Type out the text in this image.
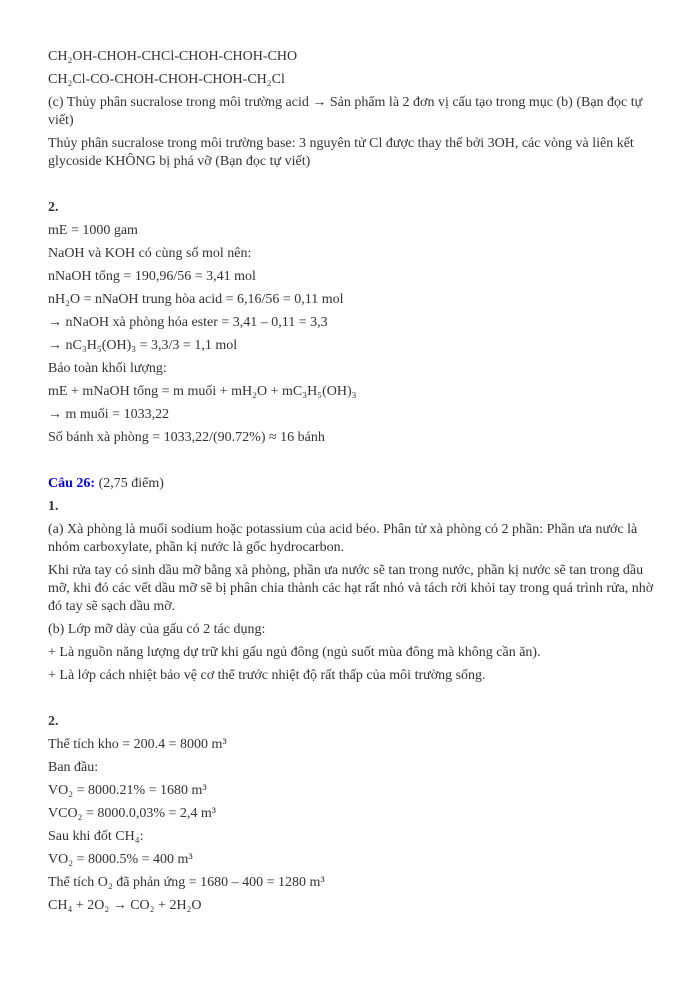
CH₂OH-CHOH-CHCl-CHOH-CHOH-CHO

CH₂Cl-CO-CHOH-CHOH-CHOH-CH₂Cl

(c) Thủy phân sucralose trong môi trường acid → Sản phẩm là 2 đơn vị cấu tạo trong mục (b) (Bạn đọc tự viết)

Thủy phân sucralose trong môi trường base: 3 nguyên tử Cl được thay thế bởi 3OH, các vòng và liên kết glycoside KHÔNG bị phá vỡ (Bạn đọc tự viết)

2.

mE = 1000 gam

NaOH và KOH có cùng số mol nên:

nNaOH tổng = 190,96/56 = 3,41 mol

nH₂O = nNaOH trung hòa acid = 6,16/56 = 0,11 mol

→ nNaOH xà phòng hóa ester = 3,41 – 0,11 = 3,3

→ nC₃H₅(OH)₃ = 3,3/3 = 1,1 mol

Bảo toàn khối lượng:

mE + mNaOH tổng = m muối + mH₂O + mC₃H₅(OH)₃

→ m muối = 1033,22

Số bánh xà phòng = 1033,22/(90.72%) ≈ 16 bánh

Câu 26: (2,75 điểm)

1.

(a) Xà phòng là muối sodium hoặc potassium của acid béo. Phân tử xà phòng có 2 phần: Phần ưa nước là nhóm carboxylate, phần kị nước là gốc hydrocarbon.

Khi rửa tay có sinh dầu mỡ bằng xà phòng, phần ưa nước sẽ tan trong nước, phần kị nước sẽ tan trong dầu mỡ, khi đó các vết dầu mỡ sẽ bị phân chia thành các hạt rất nhỏ và tách rời khỏi tay trong quá trình rửa, nhờ đó tay sẽ sạch dầu mỡ.

(b) Lớp mỡ dày của gấu có 2 tác dụng:

+ Là nguồn năng lượng dự trữ khi gấu ngủ đông (ngủ suốt mùa đông mà không cần ăn).

+ Là lớp cách nhiệt bảo vệ cơ thể trước nhiệt độ rất thấp của môi trường sống.

2.

Thể tích kho = 200.4 = 8000 m³

Ban đầu:

VO₂ = 8000.21% = 1680 m³

VCO₂ = 8000.0,03% = 2,4 m³

Sau khi đốt CH₄:

VO₂ = 8000.5% = 400 m³

Thể tích O₂ đã phản ứng = 1680 – 400 = 1280 m³

CH₄ + 2O₂ → CO₂ + 2H₂O
